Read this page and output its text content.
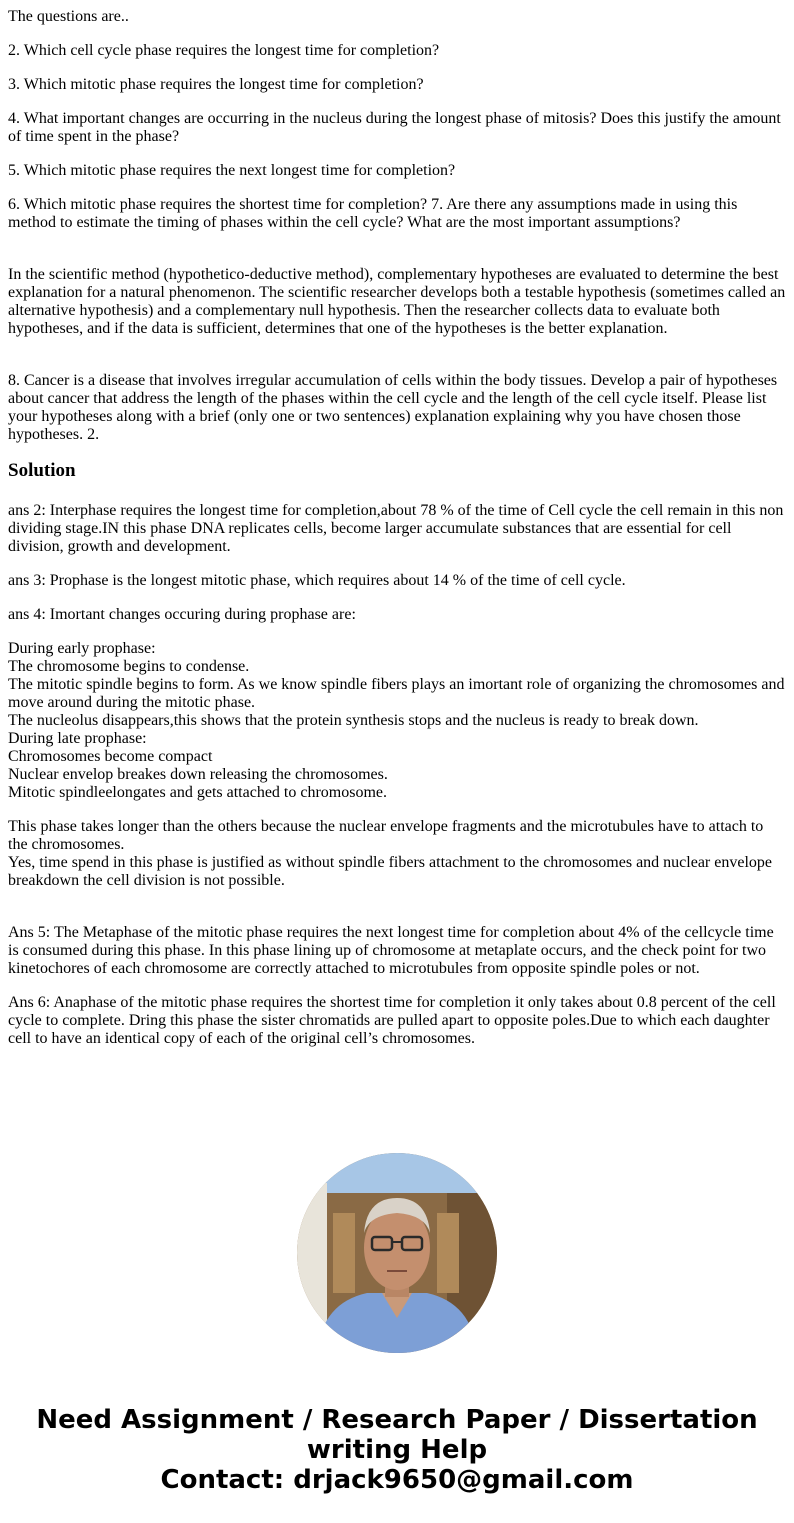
The questions are..

2. Which cell cycle phase requires the longest time for completion?

3. Which mitotic phase requires the longest time for completion?

4. What important changes are occurring in the nucleus during the longest phase of mitosis? Does this justify the amount of time spent in the phase?

5. Which mitotic phase requires the next longest time for completion?

6. Which mitotic phase requires the shortest time for completion? 7. Are there any assumptions made in using this method to estimate the timing of phases within the cell cycle? What are the most important assumptions?

In the scientific method (hypothetico-deductive method), complementary hypotheses are evaluated to determine the best explanation for a natural phenomenon. The scientific researcher develops both a testable hypothesis (sometimes called an alternative hypothesis) and a complementary null hypothesis. Then the researcher collects data to evaluate both hypotheses, and if the data is sufficient, determines that one of the hypotheses is the better explanation.

8. Cancer is a disease that involves irregular accumulation of cells within the body tissues. Develop a pair of hypotheses about cancer that address the length of the phases within the cell cycle and the length of the cell cycle itself. Please list your hypotheses along with a brief (only one or two sentences) explanation explaining why you have chosen those hypotheses. 2.

Solution

ans 2: Interphase requires the longest time for completion,about 78 % of the time of Cell cycle the cell remain in this non dividing stage.IN this phase DNA replicates cells, become larger accumulate substances that are essential for cell division, growth and development.

ans 3: Prophase is the longest mitotic phase, which requires about 14 % of the time of cell cycle.

ans 4: Imortant changes occuring during prophase are:

During early prophase:
The chromosome begins to condense.
The mitotic spindle begins to form. As we know spindle fibers plays an imortant role of organizing the chromosomes and move around during the mitotic phase.
The nucleolus disappears,this shows that the protein synthesis stops and the nucleus is ready to break down.
During late prophase:
Chromosomes become compact
Nuclear envelop breakes down releasing the chromosomes.
Mitotic spindleelongates and gets attached to chromosome.

This phase takes longer than the others because the nuclear envelope fragments and the microtubules have to attach to the chromosomes.
Yes, time spend in this phase is justified as without spindle fibers attachment to the chromosomes and nuclear envelope breakdown the cell division is not possible.

Ans 5: The Metaphase of the mitotic phase requires the next longest time for completion about 4% of the cellcycle time is consumed during this phase. In this phase lining up of chromosome at metaplate occurs, and the check point for two kinetochores of each chromosome are correctly attached to microtubules from opposite spindle poles or not.

Ans 6: Anaphase of the mitotic phase requires the shortest time for completion it only takes about 0.8 percent of the cell cycle to complete. Dring this phase the sister chromatids are pulled apart to opposite poles.Due to which each daughter cell to have an identical copy of each of the original cell’s chromosomes.

Need Assignment / Research Paper / Dissertation
writing Help
Contact: drjack9650@gmail.com
